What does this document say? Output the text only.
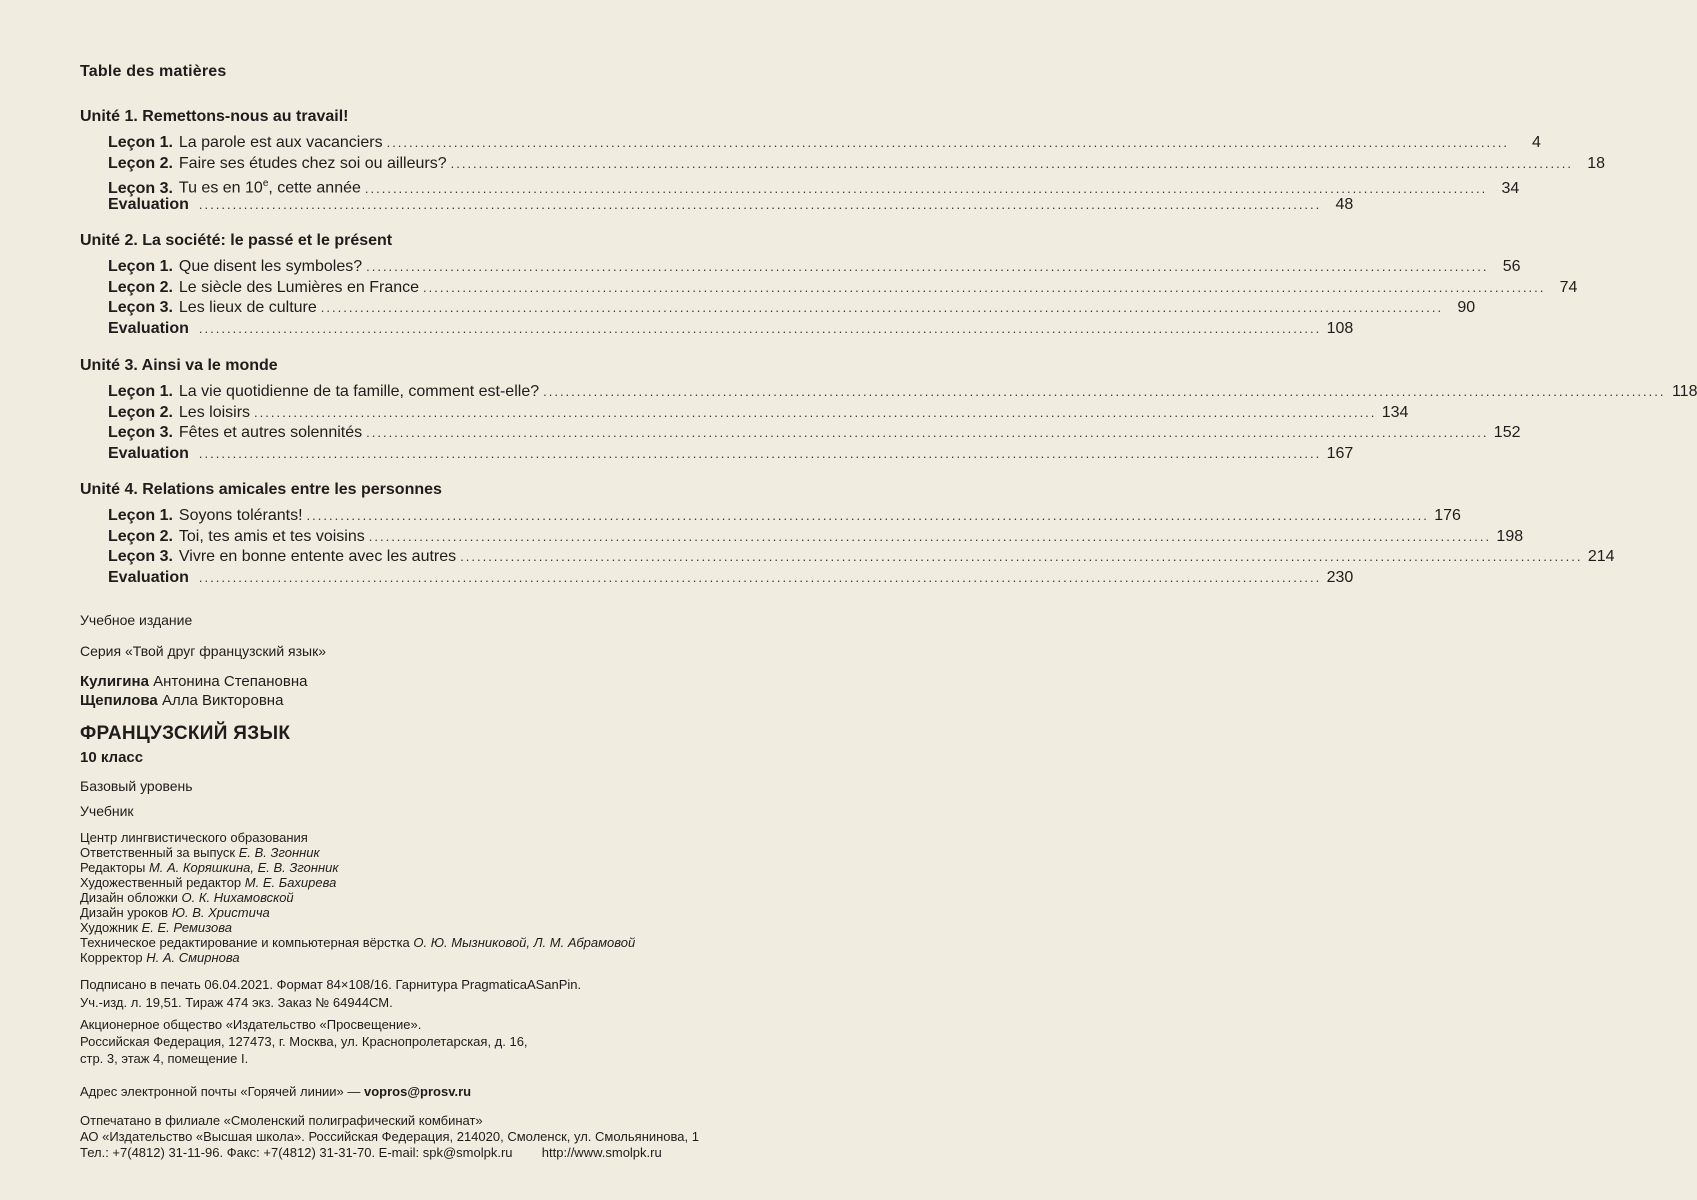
Table des matières
Unité 1. Remettons-nous au travail!
Leçon 1. La parole est aux vacanciers ........................................................................................................................................................................................................	4
Leçon 2. Faire ses études chez soi ou ailleurs? ........................................................................................................................................................................................................ 18
Leçon 3. Tu es en 10e, cette année ........................................................................................................................................................................................................ 34
Evaluation ........................................................................................................................................................................................................ 48
Unité 2. La société: le passé et le présent
Leçon 1. Que disent les symboles? ........................................................................................................................................................................................................ 56
Leçon 2. Le siècle des Lumières en France ........................................................................................................................................................................................................ 74
Leçon 3. Les lieux de culture ........................................................................................................................................................................................................ 90
Evaluation ........................................................................................................................................................................................................ 108
Unité 3. Ainsi va le monde
Leçon 1. La vie quotidienne de ta famille, comment est-elle? ........................................................................................................................................................................................................ 118
Leçon 2. Les loisirs ........................................................................................................................................................................................................ 134
Leçon 3. Fêtes et autres solennités ........................................................................................................................................................................................................ 152
Evaluation ........................................................................................................................................................................................................ 167
Unité 4. Relations amicales entre les personnes
Leçon 1. Soyons tolérants! ........................................................................................................................................................................................................ 176
Leçon 2. Toi, tes amis et tes voisins ........................................................................................................................................................................................................ 198
Leçon 3. Vivre en bonne entente avec les autres ........................................................................................................................................................................................................ 214
Evaluation ........................................................................................................................................................................................................ 230
Учебное издание
Серия «Твой друг французский язык»
Кулигина Антонина Степановна
Щепилова Алла Викторовна
ФРАНЦУЗСКИЙ ЯЗЫК
10 класс
Базовый уровень
Учебник
Центр лингвистического образования
Ответственный за выпуск Е. В. Згонник
Редакторы М. А. Коряшкина, Е. В. Згонник
Художественный редактор М. Е. Бахирева
Дизайн обложки О. К. Нихамовской
Дизайн уроков Ю. В. Христича
Художник Е. Е. Ремизова
Техническое редактирование и компьютерная вёрстка О. Ю. Мызниковой, Л. М. Абрамовой
Корректор Н. А. Смирнова
Подписано в печать 06.04.2021. Формат 84×108/16. Гарнитура PragmaticaASanPin.
Уч.-изд. л. 19,51. Тираж 474 экз. Заказ № 64944СМ.
Акционерное общество «Издательство «Просвещение».
Российская Федерация, 127473, г. Москва, ул. Краснопролетарская, д. 16,
стр. 3, этаж 4, помещение I.
Адрес электронной почты «Горячей линии» — vopros@prosv.ru
Отпечатано в филиале «Смоленский полиграфический комбинат»
АО «Издательство «Высшая школа». Российская Федерация, 214020, Смоленск, ул. Смольянинова, 1
Тел.: +7(4812) 31-11-96. Факс: +7(4812) 31-31-70. E-mail: spk@smolpk.ru http://www.smolpk.ru
